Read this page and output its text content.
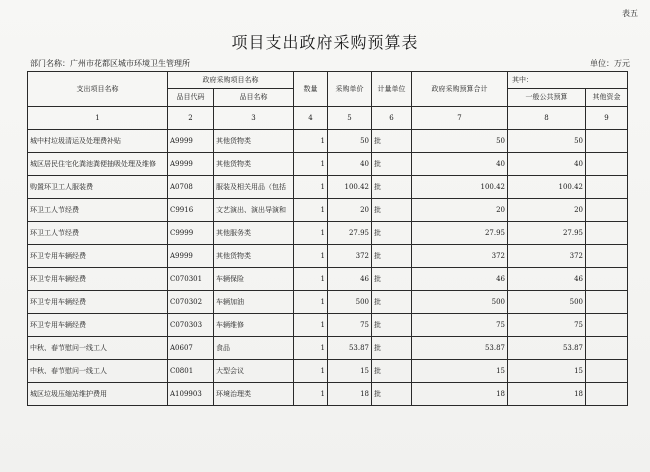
表五
项目支出政府采购预算表
部门名称：广州市花都区城市环境卫生管理所	单位：万元
支出项目名称	政府采购项目名称		数量	采购单价	计量单位	政府采购预算合计	其中：	
	品目代码	品目名称					一般公共预算	其他资金
1	2	3	4	5	6	7	8	9
城中村垃圾清运及处理费补贴	A9999	其他货物类	1	50	批	50	50	
城区居民住宅化粪池粪便抽吸处理及维修	A9999	其他货物类	1	40	批	40	40	
购置环卫工人服装费	A0708	服装及相关用品（包括	1	100.42	批	100.42	100.42	
环卫工人节经费	C9916	文艺演出、演出导演和	1	20	批	20	20	
环卫工人节经费	C9999	其他服务类	1	27.95	批	27.95	27.95	
环卫专用车辆经费	A9999	其他货物类	1	372	批	372	372	
环卫专用车辆经费	C070301	车辆保险	1	46	批	46	46	
环卫专用车辆经费	C070302	车辆加油	1	500	批	500	500	
环卫专用车辆经费	C070303	车辆维修	1	75	批	75	75	
中秋、春节慰问一线工人	A0607	食品	1	53.87	批	53.87	53.87	
中秋、春节慰问一线工人	C0801	大型会议	1	15	批	15	15	
城区垃圾压缩站维护费用	A109903	环境治理类	1	18	批	18	18	
